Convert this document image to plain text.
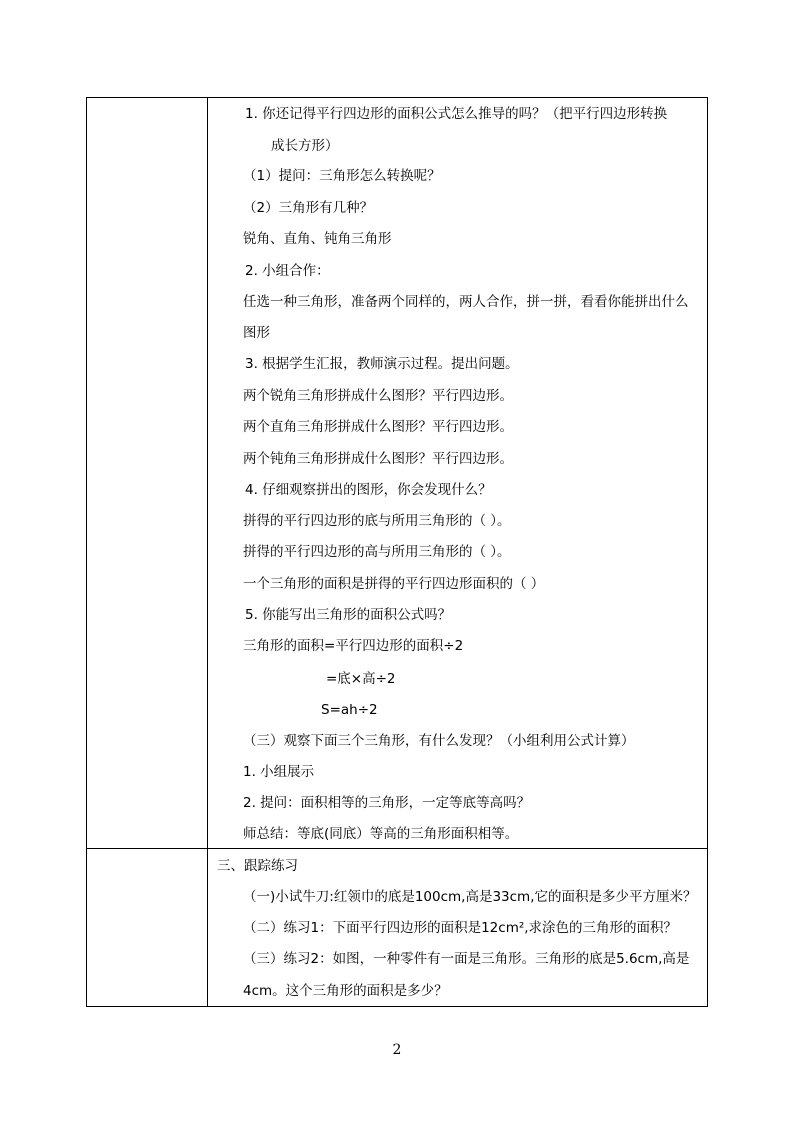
1. 你还记得平行四边形的面积公式怎么推导的吗？（把平行四边形转换
成长方形）
（1）提问：三角形怎么转换呢？
（2）三角形有几种？
锐角、直角、钝角三角形
2. 小组合作：
任选一种三角形，准备两个同样的，两人合作，拼一拼，看看你能拼出什么
图形
3. 根据学生汇报，教师演示过程。提出问题。
两个锐角三角形拼成什么图形？平行四边形。
两个直角三角形拼成什么图形？平行四边形。
两个钝角三角形拼成什么图形？平行四边形。
4. 仔细观察拼出的图形，你会发现什么？
拼得的平行四边形的底与所用三角形的（ ）。
拼得的平行四边形的高与所用三角形的（ ）。
一个三角形的面积是拼得的平行四边形面积的（ ）
5. 你能写出三角形的面积公式吗？
三角形的面积=平行四边形的面积÷2
=底×高÷2
S=ah÷2
（三）观察下面三个三角形，有什么发现？（小组利用公式计算）
1. 小组展示
2. 提问：面积相等的三角形，一定等底等高吗？
师总结：等底(同底）等高的三角形面积相等。
三、跟踪练习
（一)小试牛刀:红领巾的底是100cm,高是33cm,它的面积是多少平方厘米？
（二）练习1：下面平行四边形的面积是12cm²,求涂色的三角形的面积？
（三）练习2：如图，一种零件有一面是三角形。三角形的底是5.6cm,高是
4cm。这个三角形的面积是多少？
2
